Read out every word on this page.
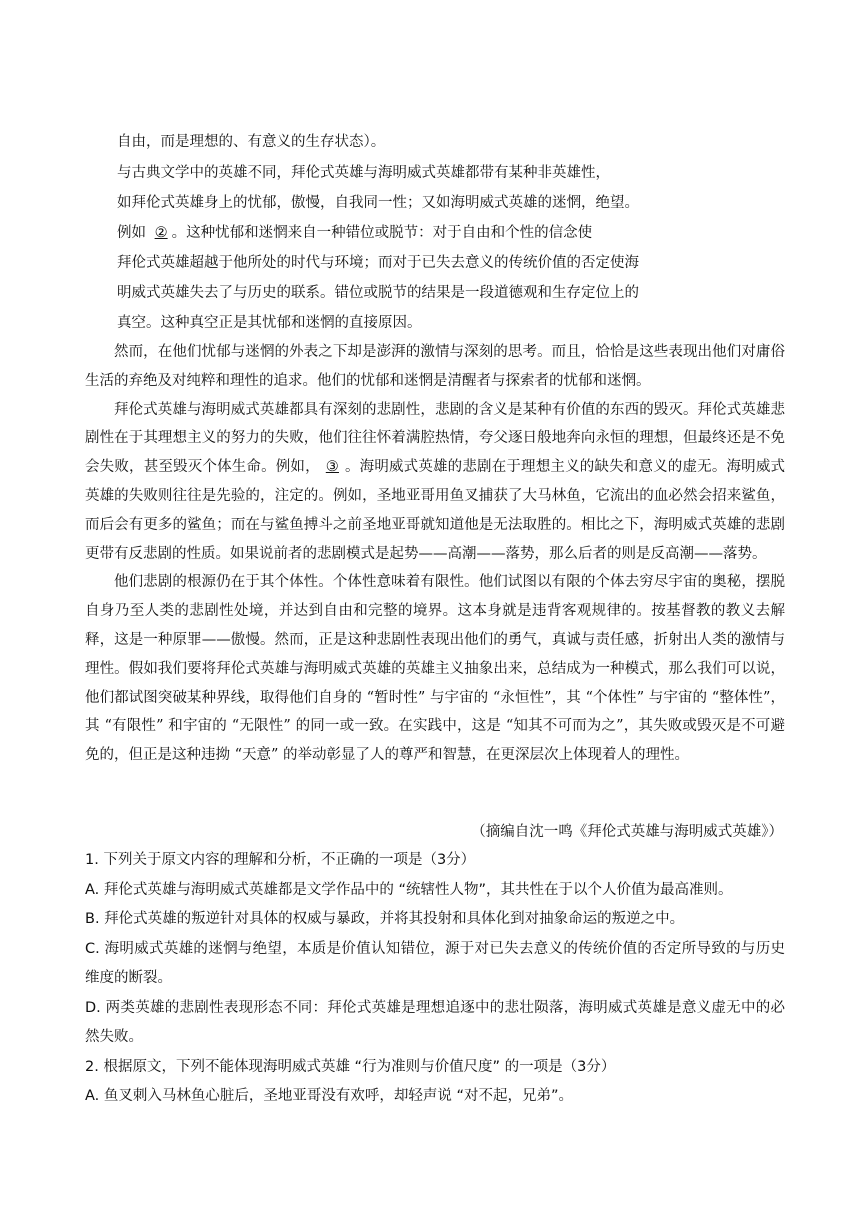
自由，而是理想的、有意义的生存状态）。
与古典文学中的英雄不同，拜伦式英雄与海明威式英雄都带有某种非英雄性，
如拜伦式英雄身上的忧郁，傲慢，自我同一性；又如海明威式英雄的迷惘，绝望。
例如 ② 。这种忧郁和迷惘来自一种错位或脱节：对于自由和个性的信念使
拜伦式英雄超越于他所处的时代与环境；而对于已失去意义的传统价值的否定使海
明威式英雄失去了与历史的联系。错位或脱节的结果是一段道德观和生存定位上的
真空。这种真空正是其忧郁和迷惘的直接原因。

然而，在他们忧郁与迷惘的外表之下却是澎湃的激情与深刻的思考。而且，恰恰是这些表现出他们对庸俗生活的弃绝及对纯粹和理性的追求。他们的忧郁和迷惘是清醒者与探索者的忧郁和迷惘。

拜伦式英雄与海明威式英雄都具有深刻的悲剧性，悲剧的含义是某种有价值的东西的毁灭。拜伦式英雄悲剧性在于其理想主义的努力的失败，他们往往怀着满腔热情，夸父逐日般地奔向永恒的理想，但最终还是不免会失败，甚至毁灭个体生命。例如， ③ 。海明威式英雄的悲剧在于理想主义的缺失和意义的虚无。海明威式英雄的失败则往往是先验的，注定的。例如，圣地亚哥用鱼叉捕获了大马林鱼，它流出的血必然会招来鲨鱼，而后会有更多的鲨鱼；而在与鲨鱼搏斗之前圣地亚哥就知道他是无法取胜的。相比之下，海明威式英雄的悲剧更带有反悲剧的性质。如果说前者的悲剧模式是起势——高潮——落势，那么后者的则是反高潮——落势。

他们悲剧的根源仍在于其个体性。个体性意味着有限性。他们试图以有限的个体去穷尽宇宙的奥秘，摆脱自身乃至人类的悲剧性处境，并达到自由和完整的境界。这本身就是违背客观规律的。按基督教的教义去解释，这是一种原罪——傲慢。然而，正是这种悲剧性表现出他们的勇气，真诚与责任感，折射出人类的激情与理性。假如我们要将拜伦式英雄与海明威式英雄的英雄主义抽象出来，总结成为一种模式，那么我们可以说，他们都试图突破某种界线，取得他们自身的 “暂时性” 与宇宙的 “永恒性”，其 “个体性” 与宇宙的 “整体性”，其 “有限性” 和宇宙的 “无限性” 的同一或一致。在实践中，这是 “知其不可而为之”，其失败或毁灭是不可避免的，但正是这种违拗 “天意” 的举动彰显了人的尊严和智慧，在更深层次上体现着人的理性。

（摘编自沈一鸣《拜伦式英雄与海明威式英雄》）

1. 下列关于原文内容的理解和分析，不正确的一项是（3分）

A. 拜伦式英雄与海明威式英雄都是文学作品中的 “统辖性人物”，其共性在于以个人价值为最高准则。

B. 拜伦式英雄的叛逆针对具体的权威与暴政，并将其投射和具体化到对抽象命运的叛逆之中。

C. 海明威式英雄的迷惘与绝望，本质是价值认知错位，源于对已失去意义的传统价值的否定所导致的与历史维度的断裂。

D. 两类英雄的悲剧性表现形态不同：拜伦式英雄是理想追逐中的悲壮陨落，海明威式英雄是意义虚无中的必然失败。

2. 根据原文，下列不能体现海明威式英雄 “行为准则与价值尺度” 的一项是（3分）

A. 鱼叉刺入马林鱼心脏后，圣地亚哥没有欢呼，却轻声说 “对不起，兄弟”。
